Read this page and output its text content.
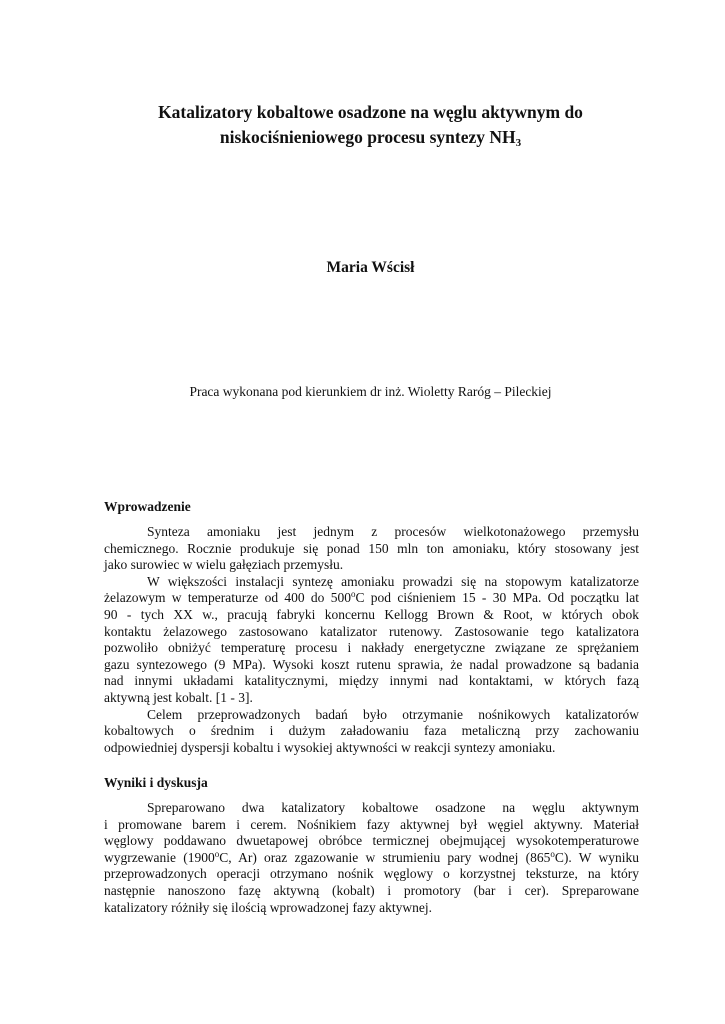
Katalizatory kobaltowe osadzone na węglu aktywnym do
niskociśnieniowego procesu syntezy $NH_3$
Maria Wścisł
Praca wykonana pod kierunkiem dr inż. Wioletty Raróg – Pileckiej
Wprowadzenie

Synteza amoniaku jest jednym z procesów wielkotonażowego przemysłu
chemicznego. Rocznie produkuje się ponad 150 mln ton amoniaku, który stosowany jest
jako surowiec w wielu gałęziach przemysłu.

W większości instalacji syntezę amoniaku prowadzi się na stopowym katalizatorze
żelazowym w temperaturze od 400 do 500$^o$C pod ciśnieniem 15 - 30 MPa. Od początku lat
90 - tych XX w., pracują fabryki koncernu Kellogg Brown & Root, w których obok
kontaktu żelazowego zastosowano katalizator rutenowy. Zastosowanie tego katalizatora
pozwoliło obniżyć temperaturę procesu i nakłady energetyczne związane ze sprężaniem
gazu syntezowego (9 MPa). Wysoki koszt rutenu sprawia, że nadal prowadzone są badania
nad innymi układami katalitycznymi, między innymi nad kontaktami, w których fazą
aktywną jest kobalt. [1 - 3].

Celem przeprowadzonych badań było otrzymanie nośnikowych katalizatorów
kobaltowych o średnim i dużym załadowaniu faza metaliczną przy zachowaniu
odpowiedniej dyspersji kobaltu i wysokiej aktywności w reakcji syntezy amoniaku.

Wyniki i dyskusja

Spreparowano dwa katalizatory kobaltowe osadzone na węglu aktywnym
i promowane barem i cerem. Nośnikiem fazy aktywnej był węgiel aktywny. Materiał
węglowy poddawano dwuetapowej obróbce termicznej obejmującej wysokotemperaturowe
wygrzewanie (1900$^o$C, Ar) oraz zgazowanie w strumieniu pary wodnej (865$^o$C). W wyniku
przeprowadzonych operacji otrzymano nośnik węglowy o korzystnej teksturze, na który
następnie nanoszono fazę aktywną (kobalt) i promotory (bar i cer). Spreparowane
katalizatory różniły się ilością wprowadzonej fazy aktywnej.
